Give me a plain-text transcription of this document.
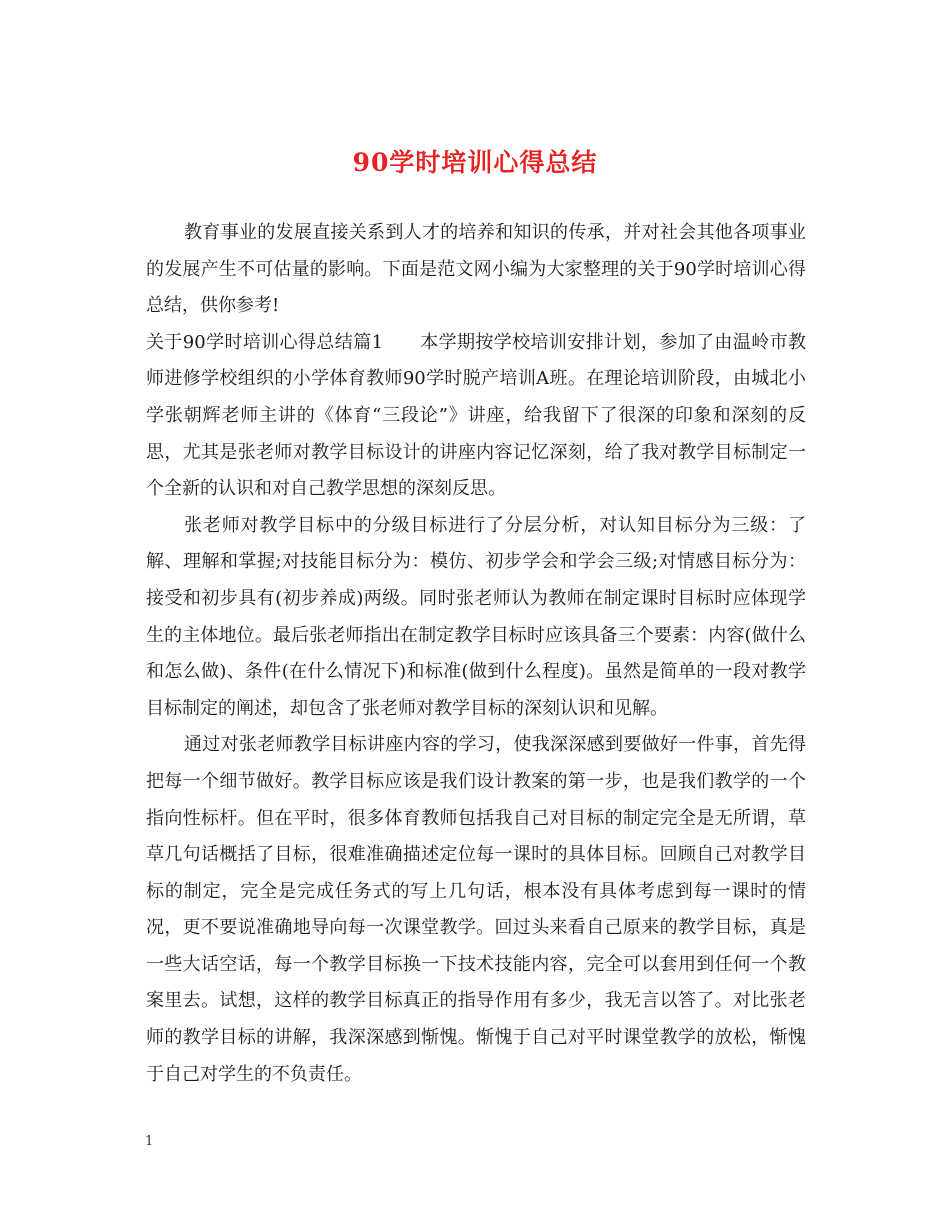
90学时培训心得总结

教育事业的发展直接关系到人才的培养和知识的传承，并对社会其他各项事业的发展产生不可估量的影响。下面是范文网小编为大家整理的关于90学时培训心得总结，供你参考!

关于90学时培训心得总结篇1　　本学期按学校培训安排计划，参加了由温岭市教师进修学校组织的小学体育教师90学时脱产培训A班。在理论培训阶段，由城北小学张朝辉老师主讲的《体育“三段论”》讲座，给我留下了很深的印象和深刻的反思，尤其是张老师对教学目标设计的讲座内容记忆深刻，给了我对教学目标制定一个全新的认识和对自己教学思想的深刻反思。

张老师对教学目标中的分级目标进行了分层分析，对认知目标分为三级：了解、理解和掌握;对技能目标分为：模仿、初步学会和学会三级;对情感目标分为：接受和初步具有(初步养成)两级。同时张老师认为教师在制定课时目标时应体现学生的主体地位。最后张老师指出在制定教学目标时应该具备三个要素：内容(做什么和怎么做)、条件(在什么情况下)和标准(做到什么程度)。虽然是简单的一段对教学目标制定的阐述，却包含了张老师对教学目标的深刻认识和见解。

通过对张老师教学目标讲座内容的学习，使我深深感到要做好一件事，首先得把每一个细节做好。教学目标应该是我们设计教案的第一步，也是我们教学的一个指向性标杆。但在平时，很多体育教师包括我自己对目标的制定完全是无所谓，草草几句话概括了目标，很难准确描述定位每一课时的具体目标。回顾自己对教学目标的制定，完全是完成任务式的写上几句话，根本没有具体考虑到每一课时的情况，更不要说准确地导向每一次课堂教学。回过头来看自己原来的教学目标，真是一些大话空话，每一个教学目标换一下技术技能内容，完全可以套用到任何一个教案里去。试想，这样的教学目标真正的指导作用有多少，我无言以答了。对比张老师的教学目标的讲解，我深深感到惭愧。惭愧于自己对平时课堂教学的放松，惭愧于自己对学生的不负责任。

1
